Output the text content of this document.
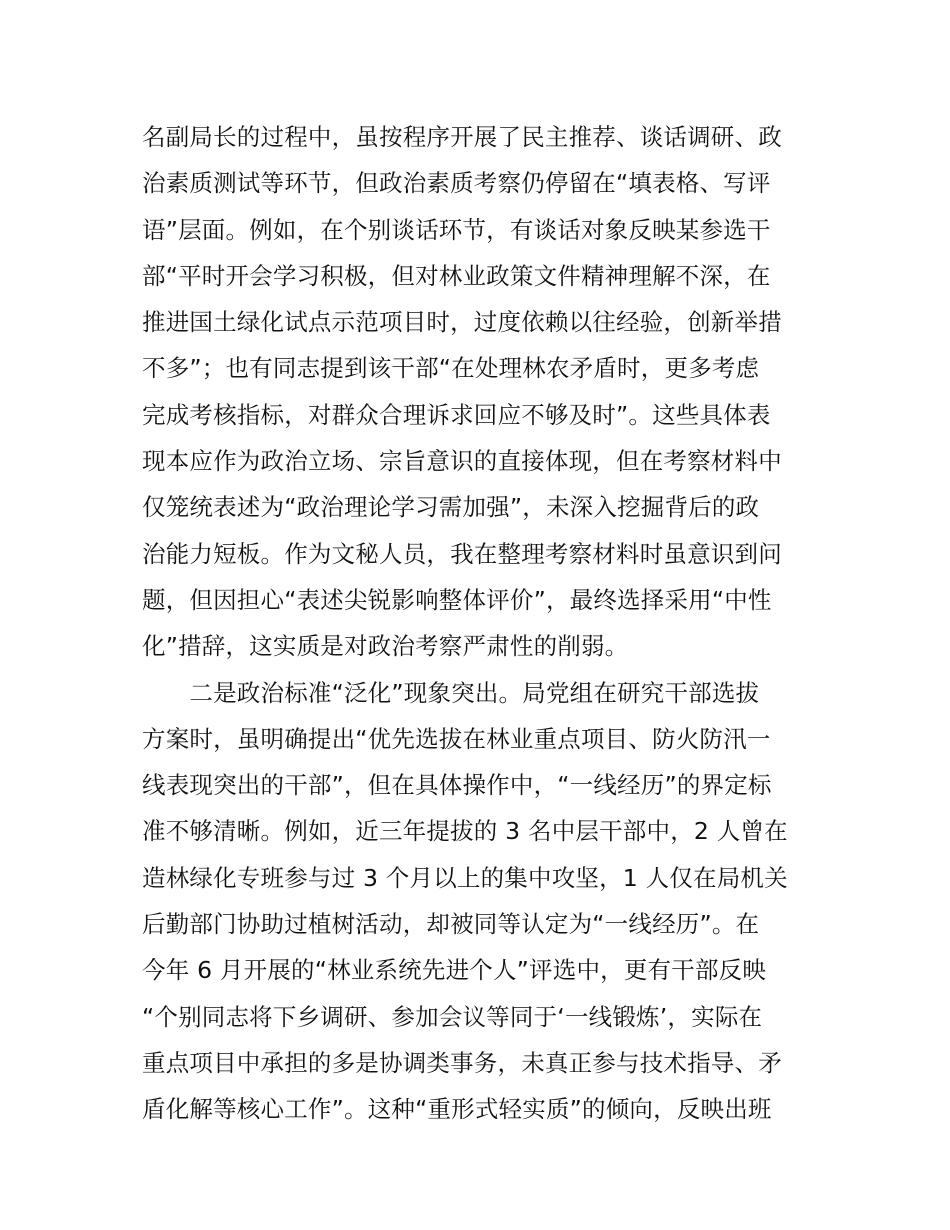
名副局长的过程中，虽按程序开展了民主推荐、谈话调研、政
治素质测试等环节，但政治素质考察仍停留在“填表格、写评
语”层面。例如，在个别谈话环节，有谈话对象反映某参选干
部“平时开会学习积极，但对林业政策文件精神理解不深，在
推进国土绿化试点示范项目时，过度依赖以往经验，创新举措
不多”；也有同志提到该干部“在处理林农矛盾时，更多考虑
完成考核指标，对群众合理诉求回应不够及时”。这些具体表
现本应作为政治立场、宗旨意识的直接体现，但在考察材料中
仅笼统表述为“政治理论学习需加强”，未深入挖掘背后的政
治能力短板。作为文秘人员，我在整理考察材料时虽意识到问
题，但因担心“表述尖锐影响整体评价”，最终选择采用“中性
化”措辞，这实质是对政治考察严肃性的削弱。
　　二是政治标准“泛化”现象突出。局党组在研究干部选拔
方案时，虽明确提出“优先选拔在林业重点项目、防火防汛一
线表现突出的干部”，但在具体操作中，“一线经历”的界定标
准不够清晰。例如，近三年提拔的 3 名中层干部中，2 人曾在
造林绿化专班参与过 3 个月以上的集中攻坚，1 人仅在局机关
后勤部门协助过植树活动，却被同等认定为“一线经历”。在
今年 6 月开展的“林业系统先进个人”评选中，更有干部反映
“个别同志将下乡调研、参加会议等同于‘一线锻炼’，实际在
重点项目中承担的多是协调类事务，未真正参与技术指导、矛
盾化解等核心工作”。这种“重形式轻实质”的倾向，反映出班
